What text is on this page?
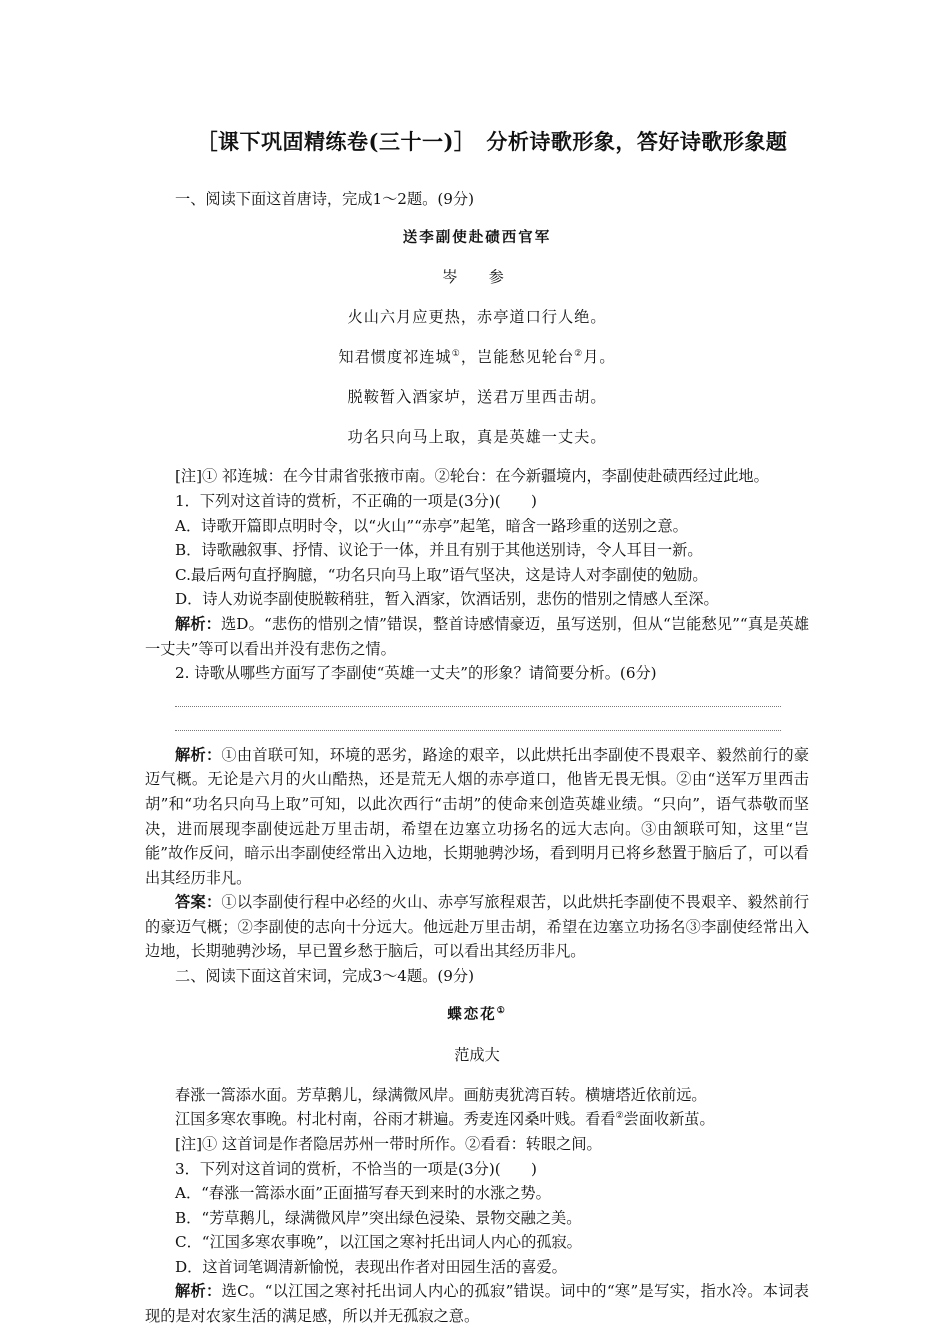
［课下巩固精练卷(三十一)］　分析诗歌形象，答好诗歌形象题

一、阅读下面这首唐诗，完成1～2题。(9分)

送李副使赴碛西官军

岑　参

火山六月应更热，赤亭道口行人绝。

知君惯度祁连城①，岂能愁见轮台②月。

脱鞍暂入酒家垆，送君万里西击胡。

功名只向马上取，真是英雄一丈夫。

[注]① 祁连城：在今甘肃省张掖市南。②轮台：在今新疆境内，李副使赴碛西经过此地。

1．下列对这首诗的赏析，不正确的一项是(3分)(　　)

A．诗歌开篇即点明时令，以“火山”“赤亭”起笔，暗含一路珍重的送别之意。

B．诗歌融叙事、抒情、议论于一体，并且有别于其他送别诗，令人耳目一新。

C.最后两句直抒胸臆，“功名只向马上取”语气坚决，这是诗人对李副使的勉励。

D．诗人劝说李副使脱鞍稍驻，暂入酒家，饮酒话别，悲伤的惜别之情感人至深。

解析：选D。“悲伤的惜别之情”错误，整首诗感情豪迈，虽写送别，但从“岂能愁见”“真是英雄一丈夫”等可以看出并没有悲伤之情。

2. 诗歌从哪些方面写了李副使“英雄一丈夫”的形象？请简要分析。(6分)

解析：①由首联可知，环境的恶劣，路途的艰辛，以此烘托出李副使不畏艰辛、毅然前行的豪迈气概。无论是六月的火山酷热，还是荒无人烟的赤亭道口，他皆无畏无惧。②由“送军万里西击胡”和“功名只向马上取”可知，以此次西行“击胡”的使命来创造英雄业绩。“只向”，语气恭敬而坚决，进而展现李副使远赴万里击胡，希望在边塞立功扬名的远大志向。③由颔联可知，这里“岂能”故作反问，暗示出李副使经常出入边地，长期驰骋沙场，看到明月已将乡愁置于脑后了，可以看出其经历非凡。

答案：①以李副使行程中必经的火山、赤亭写旅程艰苦，以此烘托李副使不畏艰辛、毅然前行的豪迈气概；②李副使的志向十分远大。他远赴万里击胡，希望在边塞立功扬名③李副使经常出入边地，长期驰骋沙场，早已置乡愁于脑后，可以看出其经历非凡。

二、阅读下面这首宋词，完成3～4题。(9分)

蝶恋花①

范成大

春涨一篙添水面。芳草鹅儿，绿满微风岸。画舫夷犹湾百转。横塘塔近依前远。

江国多寒农事晚。村北村南，谷雨才耕遍。秀麦连冈桑叶贱。看看②尝面收新茧。

[注]① 这首词是作者隐居苏州一带时所作。②看看：转眼之间。

3．下列对这首词的赏析，不恰当的一项是(3分)(　　)

A．“春涨一篙添水面”正面描写春天到来时的水涨之势。

B．“芳草鹅儿，绿满微风岸”突出绿色浸染、景物交融之美。

C．“江国多寒农事晚”，以江国之寒衬托出词人内心的孤寂。

D．这首词笔调清新愉悦，表现出作者对田园生活的喜爱。

解析：选C。“以江国之寒衬托出词人内心的孤寂”错误。词中的“寒”是写实，指水冷。本词表现的是对农家生活的满足感，所以并无孤寂之意。
